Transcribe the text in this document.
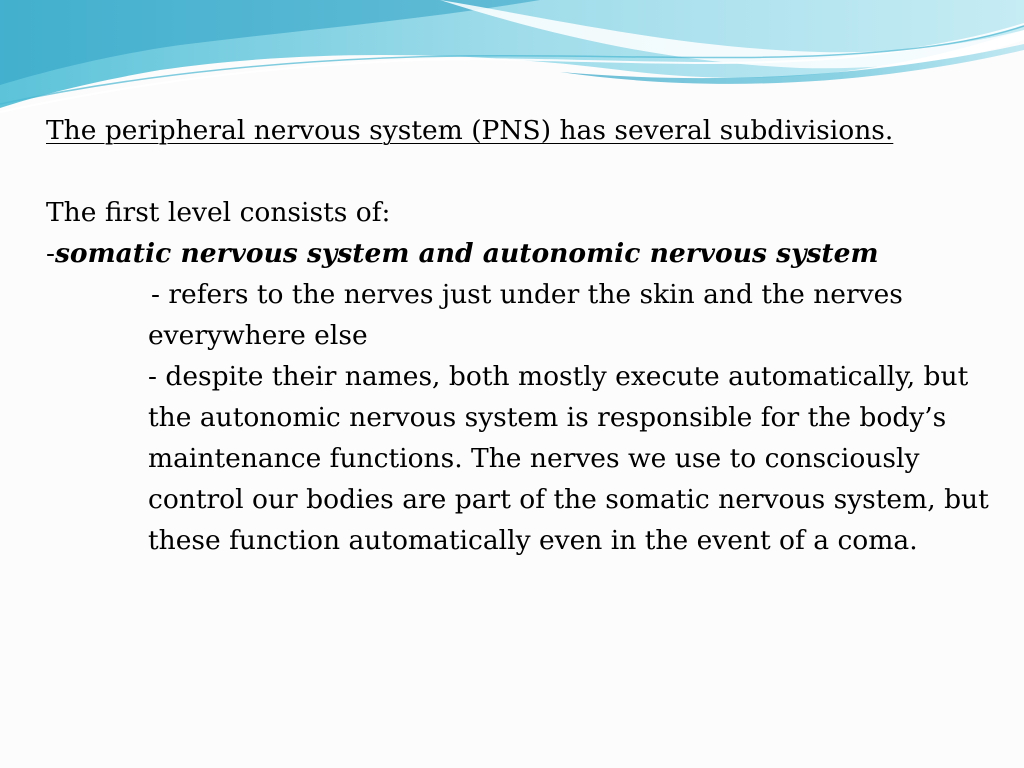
The peripheral nervous system (PNS) has several subdivisions.

The first level consists of:

-somatic nervous system and autonomic nervous system

- refers to the nerves just under the skin and the nerves everywhere else

- despite their names, both mostly execute automatically, but the autonomic nervous system is responsible for the body’s maintenance functions. The nerves we use to consciously control our bodies are part of the somatic nervous system, but these function automatically even in the event of a coma.
